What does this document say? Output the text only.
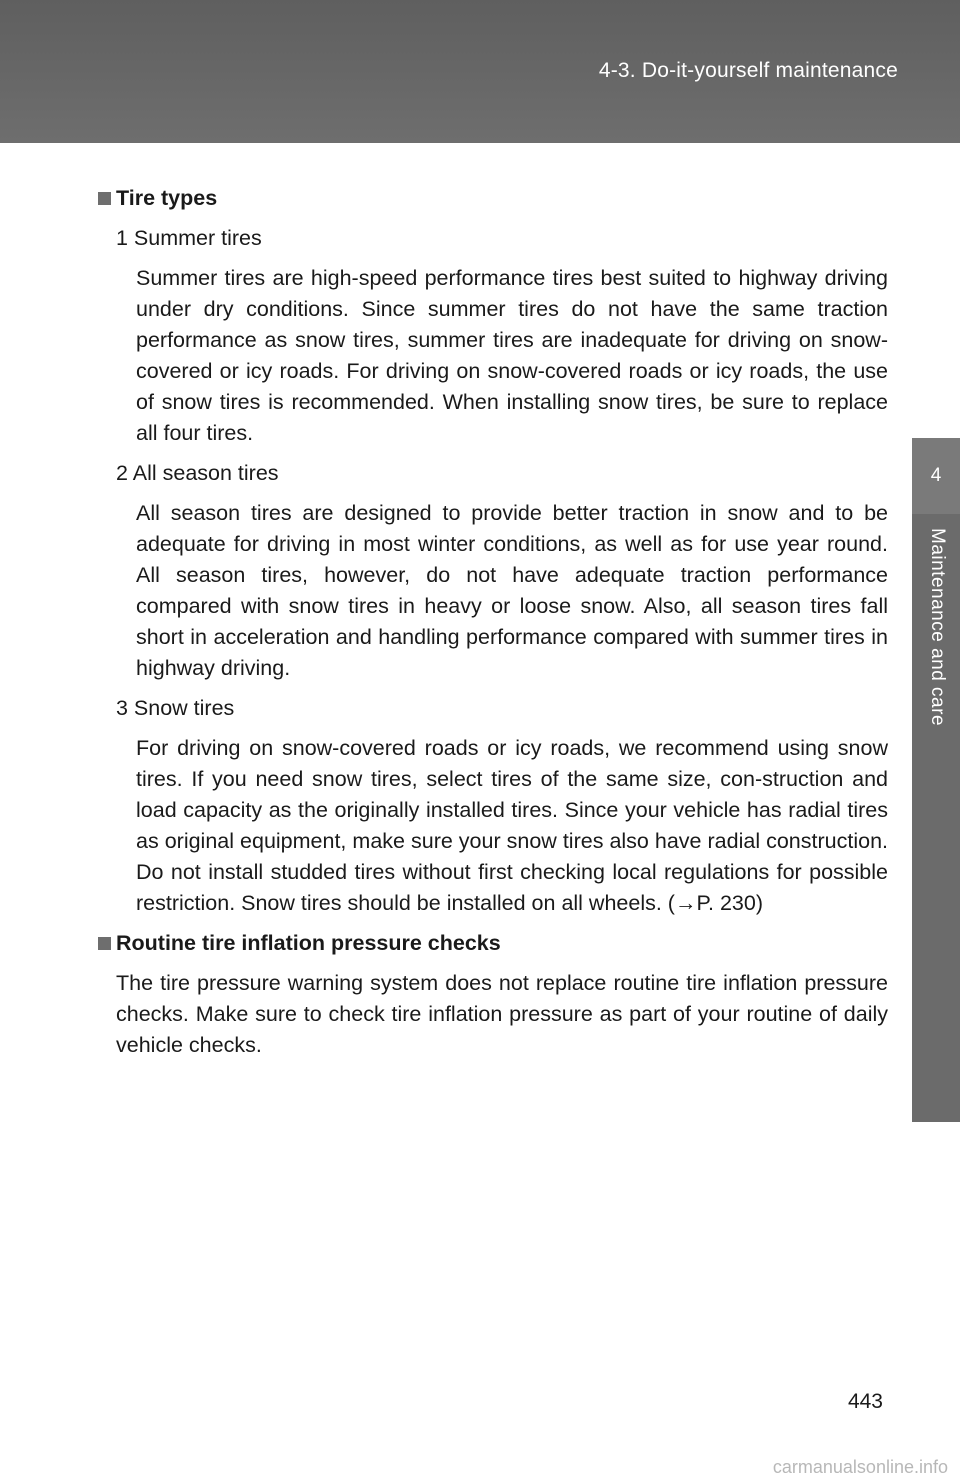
4-3. Do-it-yourself maintenance
4
Maintenance and care
Tire types
1 Summer tires
Summer tires are high-speed performance tires best suited to highway driving under dry conditions. Since summer tires do not have the same traction performance as snow tires, summer tires are inadequate for driving on snow-covered or icy roads. For driving on snow-covered roads or icy roads, the use of snow tires is recommended. When installing snow tires, be sure to replace all four tires.
2 All season tires
All season tires are designed to provide better traction in snow and to be adequate for driving in most winter conditions, as well as for use year round. All season tires, however, do not have adequate traction performance compared with snow tires in heavy or loose snow. Also, all season tires fall short in acceleration and handling performance compared with summer tires in highway driving.
3 Snow tires
For driving on snow-covered roads or icy roads, we recommend using snow tires. If you need snow tires, select tires of the same size, con-struction and load capacity as the originally installed tires. Since your vehicle has radial tires as original equipment, make sure your snow tires also have radial construction. Do not install studded tires without first checking local regulations for possible restriction. Snow tires should be installed on all wheels. (→P. 230)
Routine tire inflation pressure checks
The tire pressure warning system does not replace routine tire inflation pressure checks. Make sure to check tire inflation pressure as part of your routine of daily vehicle checks.
443
carmanualsonline.info
